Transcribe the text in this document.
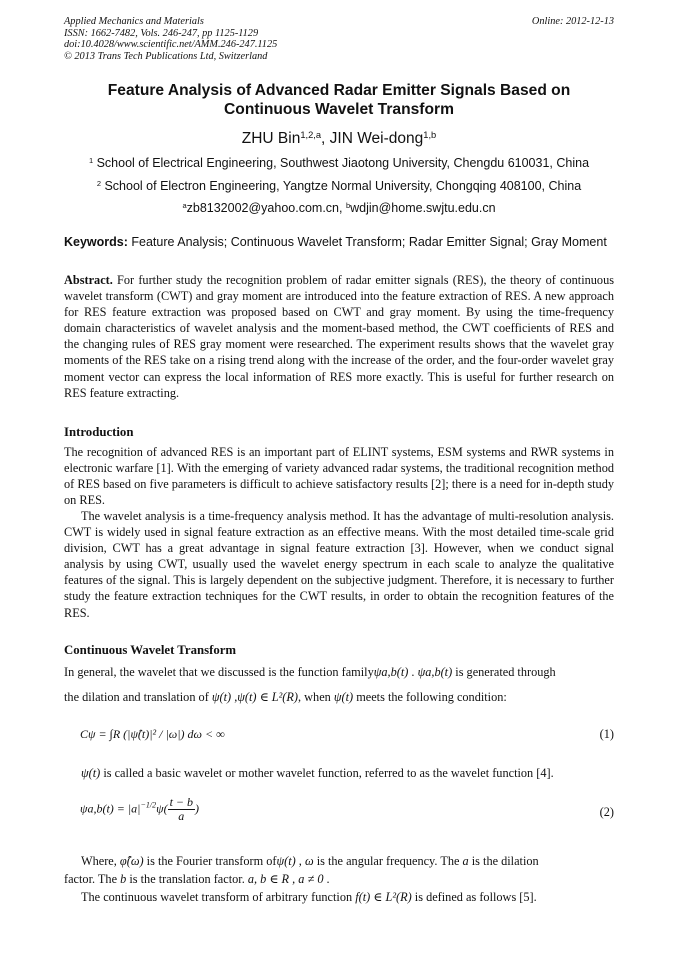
Applied Mechanics and Materials
ISSN: 1662-7482, Vols. 246-247, pp 1125-1129
doi:10.4028/www.scientific.net/AMM.246-247.1125
© 2013 Trans Tech Publications Ltd, Switzerland
Online: 2012-12-13
Feature Analysis of Advanced Radar Emitter Signals Based on
Continuous Wavelet Transform
ZHU Bin$^{1,2,a}$, JIN Wei-dong$^{1,b}$
$^1$ School of Electrical Engineering, Southwest Jiaotong University, Chengdu 610031, China
$^2$ School of Electron Engineering, Yangtze Normal University, Chongqing 408100, China
$^a$zb8132002@yahoo.com.cn, $^b$wdjin@home.swjtu.edu.cn
Keywords: Feature Analysis; Continuous Wavelet Transform; Radar Emitter Signal; Gray Moment
Abstract. For further study the recognition problem of radar emitter signals (RES), the theory of continuous wavelet transform (CWT) and gray moment are introduced into the feature extraction of RES. A new approach for RES feature extraction was proposed based on CWT and gray moment. By using the time-frequency domain characteristics of wavelet analysis and the moment-based method, the CWT coefficients of RES and the changing rules of RES gray moment were researched. The experiment results shows that the wavelet gray moments of the RES take on a rising trend along with the increase of the order, and the four-order wavelet gray moment vector can express the local information of RES more exactly. This is useful for further research on RES feature extracting.
Introduction
The recognition of advanced RES is an important part of ELINT systems, ESM systems and RWR systems in electronic warfare [1]. With the emerging of variety advanced radar systems, the traditional recognition method of RES based on five parameters is difficult to achieve satisfactory results [2]; there is a need for in-depth study on RES.
The wavelet analysis is a time-frequency analysis method. It has the advantage of multi-resolution analysis. CWT is widely used in signal feature extraction as an effective means. With the most detailed time-scale grid division, CWT has a great advantage in signal feature extraction [3]. However, when we conduct signal analysis by using CWT, usually used the wavelet energy spectrum in each scale to analyze the qualitative features of the signal. This is largely dependent on the subjective judgment. Therefore, it is necessary to further study the feature extraction techniques for the CWT results, in order to obtain the recognition features of the RES.
Continuous Wavelet Transform
In general, the wavelet that we discussed is the function familyψa,b(t) . ψa,b(t) is generated through
the dilation and translation of ψ(t) ,ψ(t) ∈ L²(R), when ψ(t) meets the following condition:
Cψ = ∫R (|ψ̂(t)|² / |ω|) dω < ∞	(1)
ψ(t) is called a basic wavelet or mother wavelet function, referred to as the wavelet function [4].
$\psi a,b(t) = |a|^{-1/2}\psi( \frac{t - b}{a}$ )	(2)
Where, φ̂(ω) is the Fourier transform ofψ(t) , ω is the angular frequency. The a is the dilation
factor. The b is the translation factor. a, b ∈ R , a ≠ 0 .
The continuous wavelet transform of arbitrary function f(t) ∈ L²(R) is defined as follows [5].
